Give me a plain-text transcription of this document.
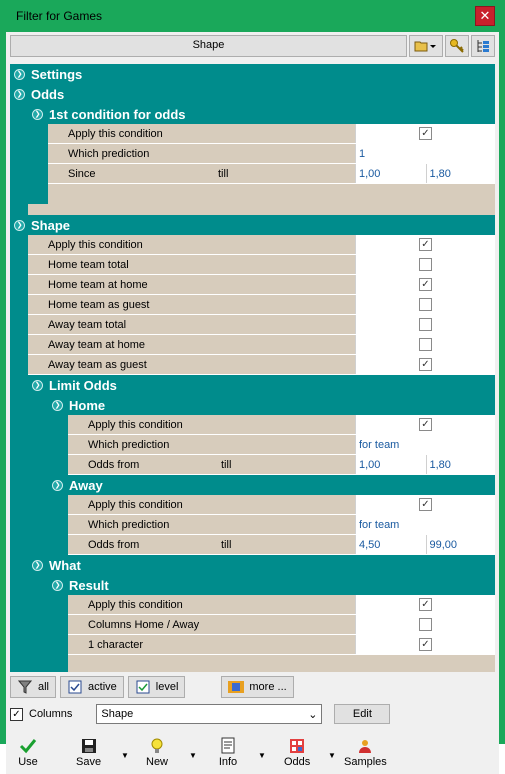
Filter for Games	✕
Shape
❯ Settings
❯ Odds
❯ 1st condition for odds
Apply this condition	✓
Which prediction	1
Since	till	1,00	1,80
❯ Shape
Apply this condition	✓
Home team total
Home team at home	✓
Home team as guest
Away team total
Away team at home
Away team as guest	✓
❯ Limit Odds
❯ Home
Apply this condition	✓
Which prediction	for team
Odds from	till	1,00	1,80
❯ Away
Apply this condition	✓
Which prediction	for team
Odds from	till	4,50	99,00
❯ What
❯ Result
Apply this condition	✓
Columns Home / Away
1 character	✓
all	active	level	more ...
✓ Columns	Shape	⌄	Edit
Use	Save
▼
New
▼
Info
▼
Odds
▼
Samples
